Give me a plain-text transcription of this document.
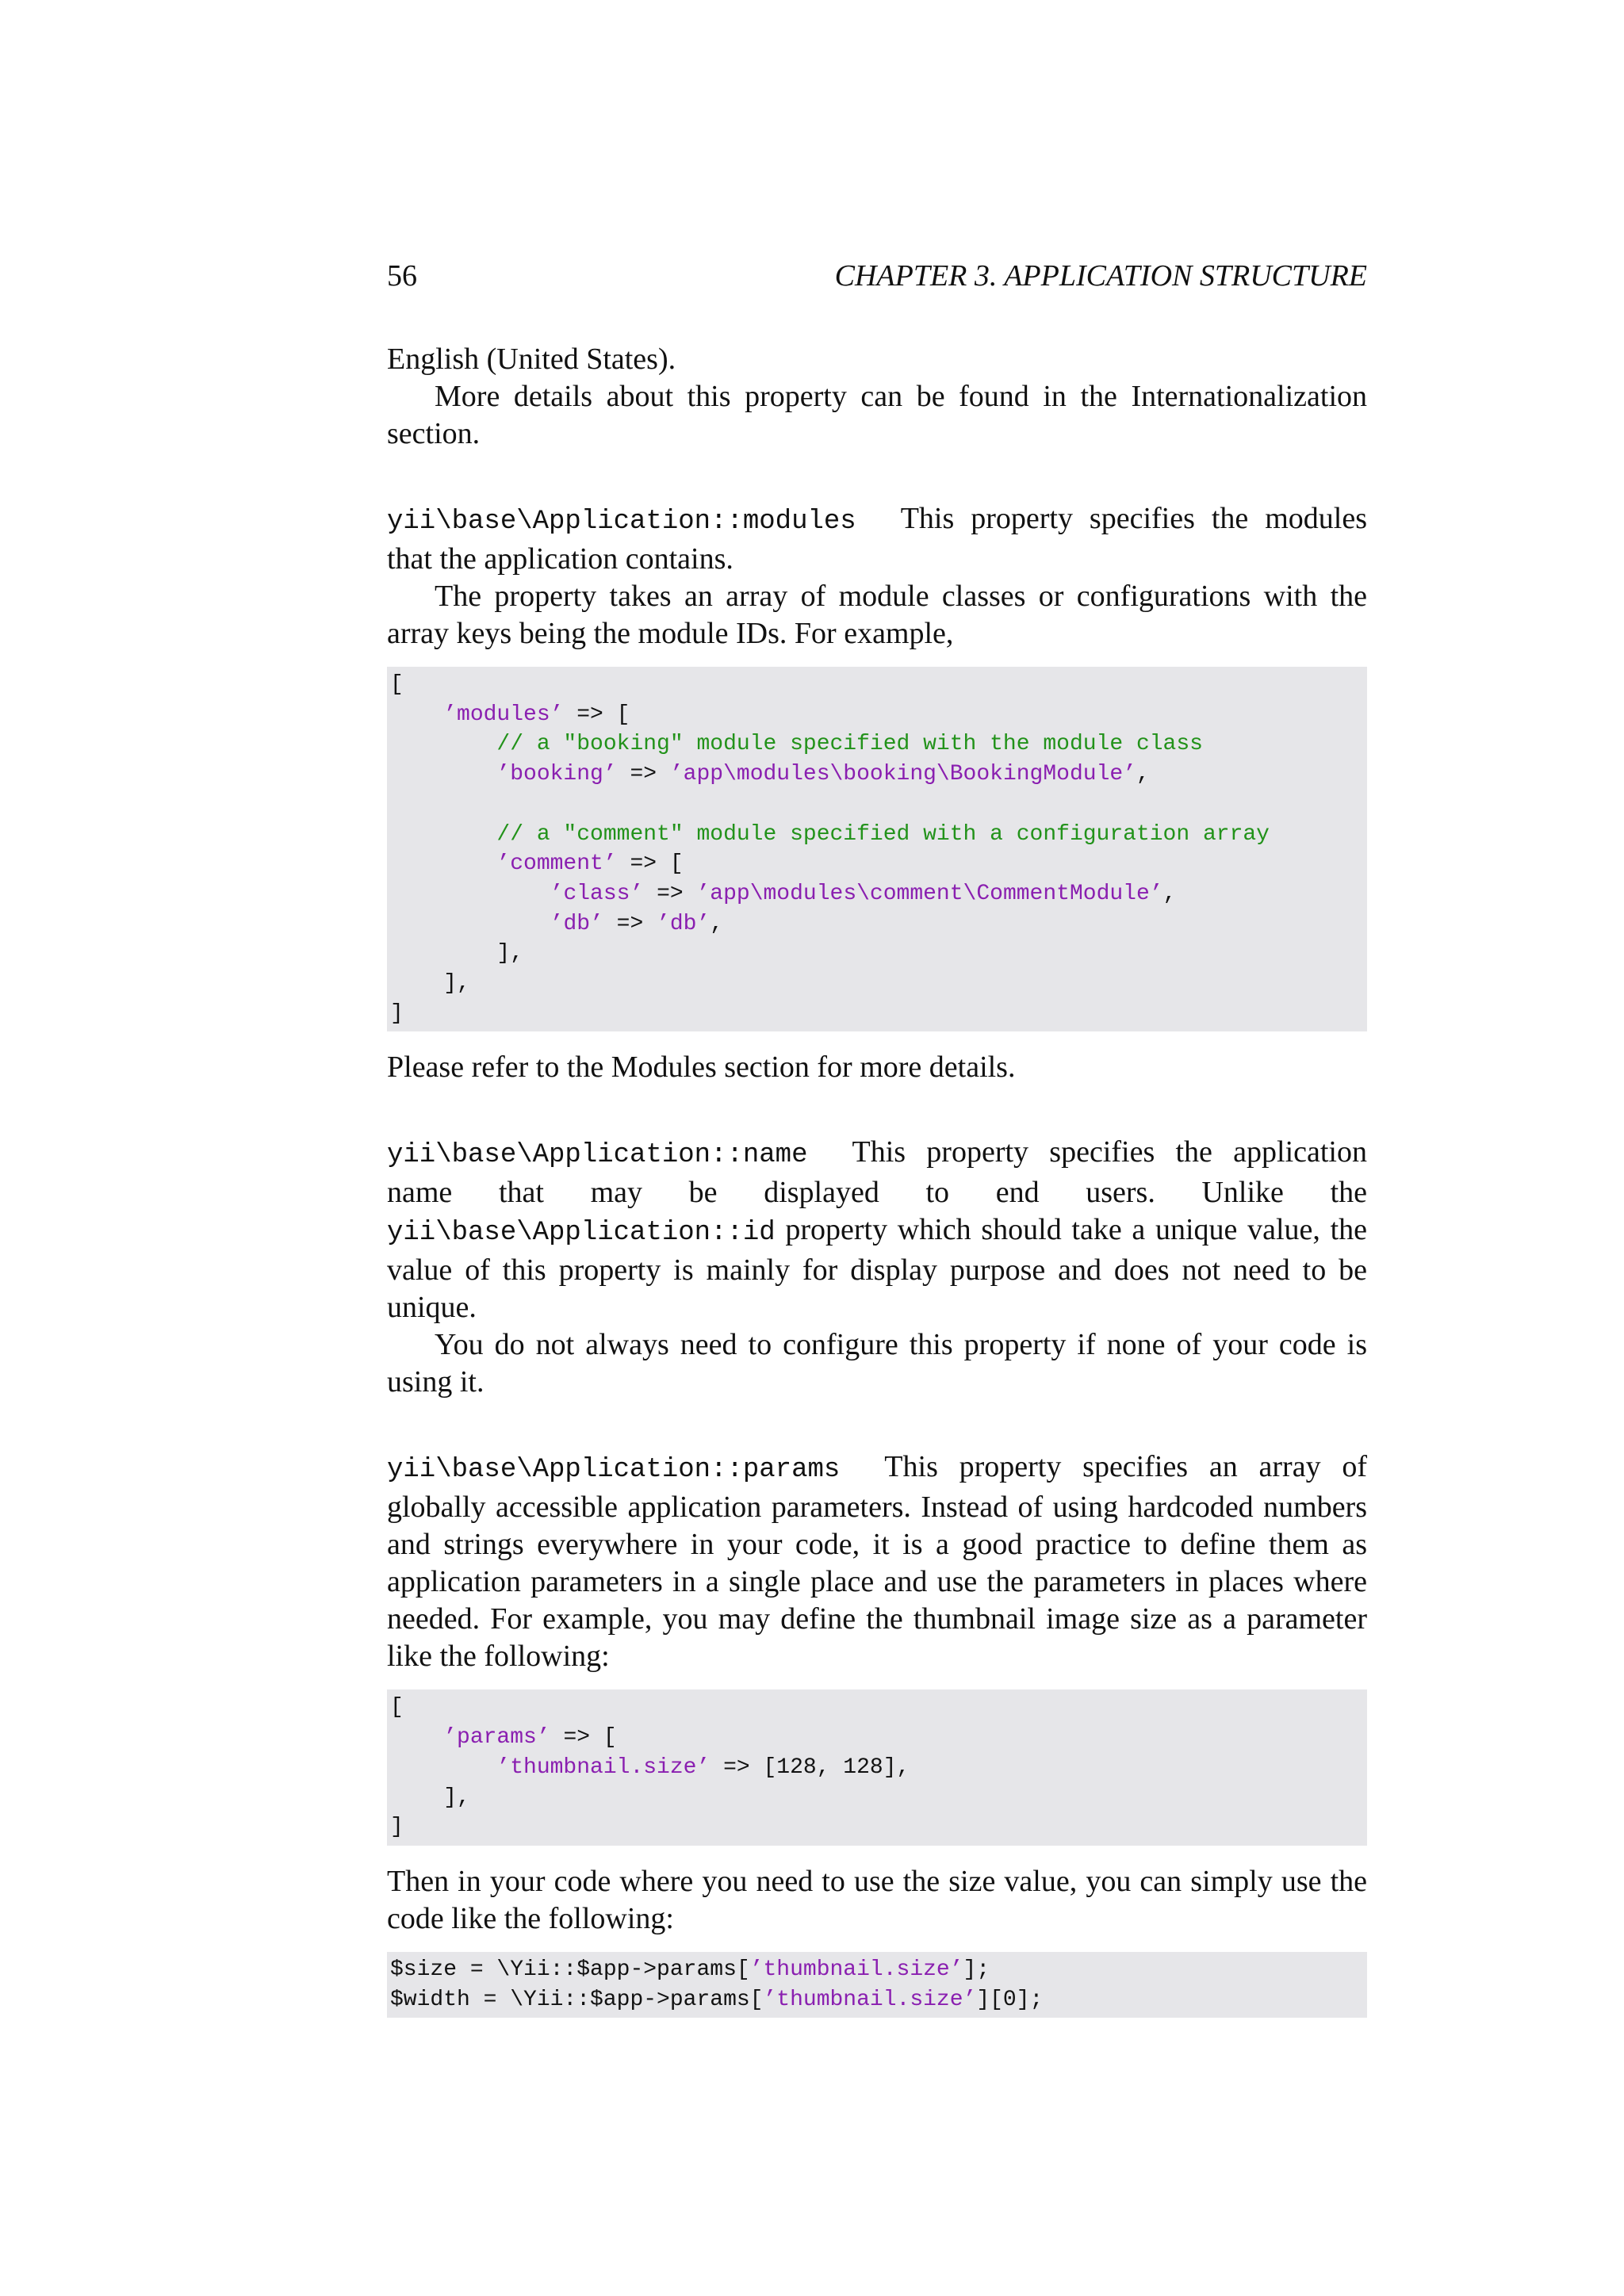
56	CHAPTER 3. APPLICATION STRUCTURE

English (United States).

More details about this property can be found in the Internationalization section.

yii\base\Application::modules This property specifies the modules that the application contains.

The property takes an array of module classes or configurations with the array keys being the module IDs. For example,

[
’modules’ => [
// a "booking" module specified with the module class
’booking’ => ’app\modules\booking\BookingModule’,

// a "comment" module specified with a configuration array
’comment’ => [
’class’ => ’app\modules\comment\CommentModule’,
’db’ => ’db’,
],
],
]

Please refer to the Modules section for more details.

yii\base\Application::name This property specifies the application name that may be displayed to end users. Unlike the yii\base\Application::id property which should take a unique value, the value of this property is mainly for display purpose and does not need to be unique.

You do not always need to configure this property if none of your code is using it.

yii\base\Application::params This property specifies an array of globally accessible application parameters. Instead of using hardcoded numbers and strings everywhere in your code, it is a good practice to define them as application parameters in a single place and use the parameters in places where needed. For example, you may define the thumbnail image size as a parameter like the following:

[
’params’ => [
’thumbnail.size’ => [128, 128],
],
]

Then in your code where you need to use the size value, you can simply use the code like the following:

$size = \Yii::$app->params[’thumbnail.size’];
$width = \Yii::$app->params[’thumbnail.size’][0];
